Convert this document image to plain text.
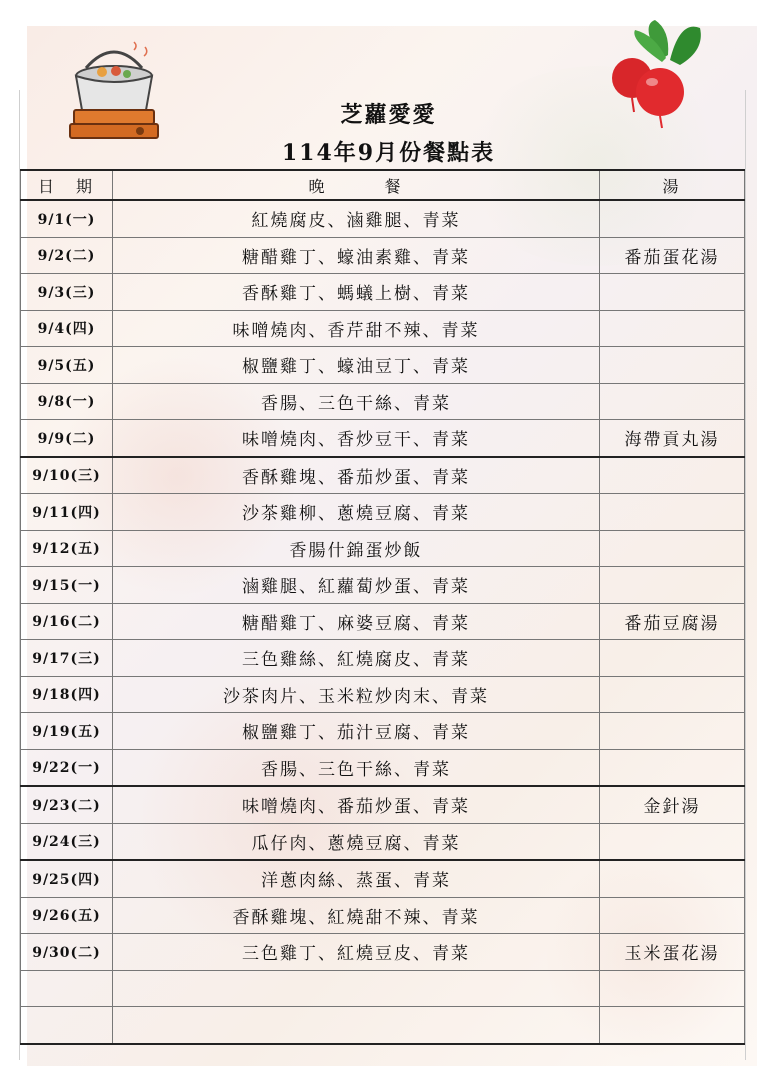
芝蘿愛愛
114年9月份餐點表
日　期	晚　　　餐	湯
9/1(一)	紅燒腐皮、滷雞腿、青菜	
9/2(二)	糖醋雞丁、蠔油素雞、青菜	番茄蛋花湯
9/3(三)	香酥雞丁、螞蟻上樹、青菜	
9/4(四)	味噌燒肉、香芹甜不辣、青菜	
9/5(五)	椒鹽雞丁、蠔油豆丁、青菜	
9/8(一)	香腸、三色干絲、青菜	
9/9(二)	味噌燒肉、香炒豆干、青菜	海帶貢丸湯
9/10(三)	香酥雞塊、番茄炒蛋、青菜	
9/11(四)	沙茶雞柳、蔥燒豆腐、青菜	
9/12(五)	香腸什錦蛋炒飯	
9/15(一)	滷雞腿、紅蘿蔔炒蛋、青菜	
9/16(二)	糖醋雞丁、麻婆豆腐、青菜	番茄豆腐湯
9/17(三)	三色雞絲、紅燒腐皮、青菜	
9/18(四)	沙茶肉片、玉米粒炒肉末、青菜	
9/19(五)	椒鹽雞丁、茄汁豆腐、青菜	
9/22(一)	香腸、三色干絲、青菜	
9/23(二)	味噌燒肉、番茄炒蛋、青菜	金針湯
9/24(三)	瓜仔肉、蔥燒豆腐、青菜	
9/25(四)	洋蔥肉絲、蒸蛋、青菜	
9/26(五)	香酥雞塊、紅燒甜不辣、青菜	
9/30(二)	三色雞丁、紅燒豆皮、青菜	玉米蛋花湯
